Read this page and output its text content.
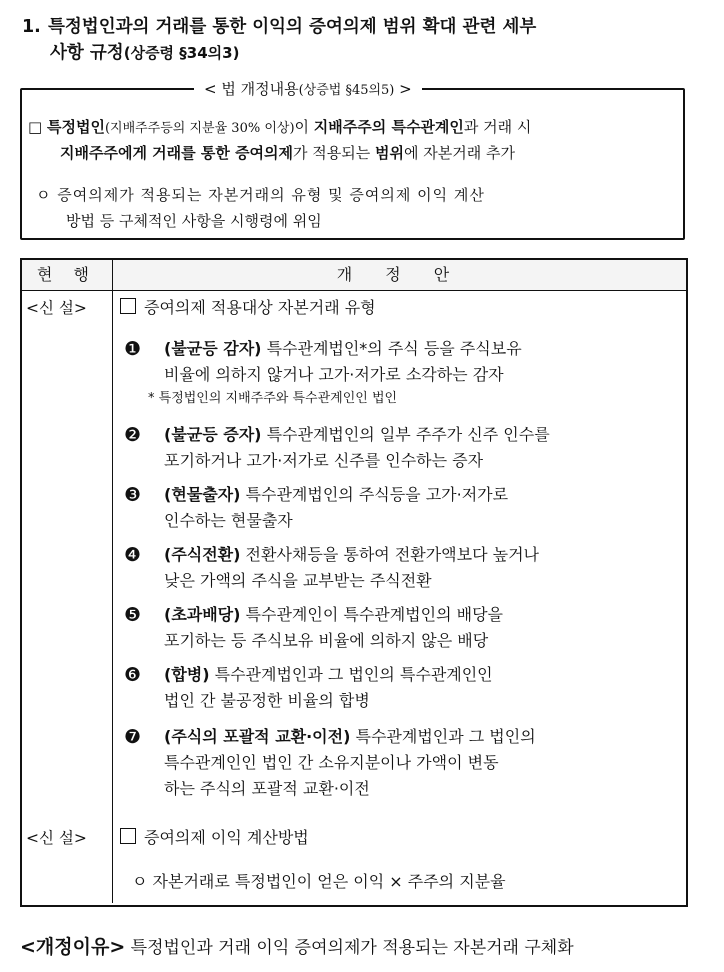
1. 특정법인과의 거래를 통한 이익의 증여의제 범위 확대 관련 세부
사항 규정(상증령 §34의3)
< 법 개정내용(상증법 §45의5) >
□ 특정법인(지배주주등의 지분율 30% 이상)이 지배주주의 특수관계인과 거래 시
지배주주에게 거래를 통한 증여의제가 적용되는 범위에 자본거래 추가
ㅇ 증여의제가 적용되는 자본거래의 유형 및 증여의제 이익 계산
방법 등 구체적인 사항을 시행령에 위임
현 행	개 정 안
<신 설>	증여의제 적용대상 자본거래 유형
❶ (불균등 감자) 특수관계법인*의 주식 등을 주식보유
비율에 의하지 않거나 고가·저가로 소각하는 감자
* 특정법인의 지배주주와 특수관계인인 법인
❷ (불균등 증자) 특수관계법인의 일부 주주가 신주 인수를
포기하거나 고가·저가로 신주를 인수하는 증자
❸ (현물출자) 특수관계법인의 주식등을 고가·저가로
인수하는 현물출자
❹ (주식전환) 전환사채등을 통하여 전환가액보다 높거나
낮은 가액의 주식을 교부받는 주식전환
❺ (초과배당) 특수관계인이 특수관계법인의 배당을
포기하는 등 주식보유 비율에 의하지 않은 배당
❻ (합병) 특수관계법인과 그 법인의 특수관계인인
법인 간 불공정한 비율의 합병
❼ (주식의 포괄적 교환·이전) 특수관계법인과 그 법인의
특수관계인인 법인 간 소유지분이나 가액이 변동
하는 주식의 포괄적 교환·이전
<신 설>	증여의제 이익 계산방법
ㅇ 자본거래로 특정법인이 얻은 이익 × 주주의 지분율
<개정이유> 특정법인과 거래 이익 증여의제가 적용되는 자본거래 구체화
